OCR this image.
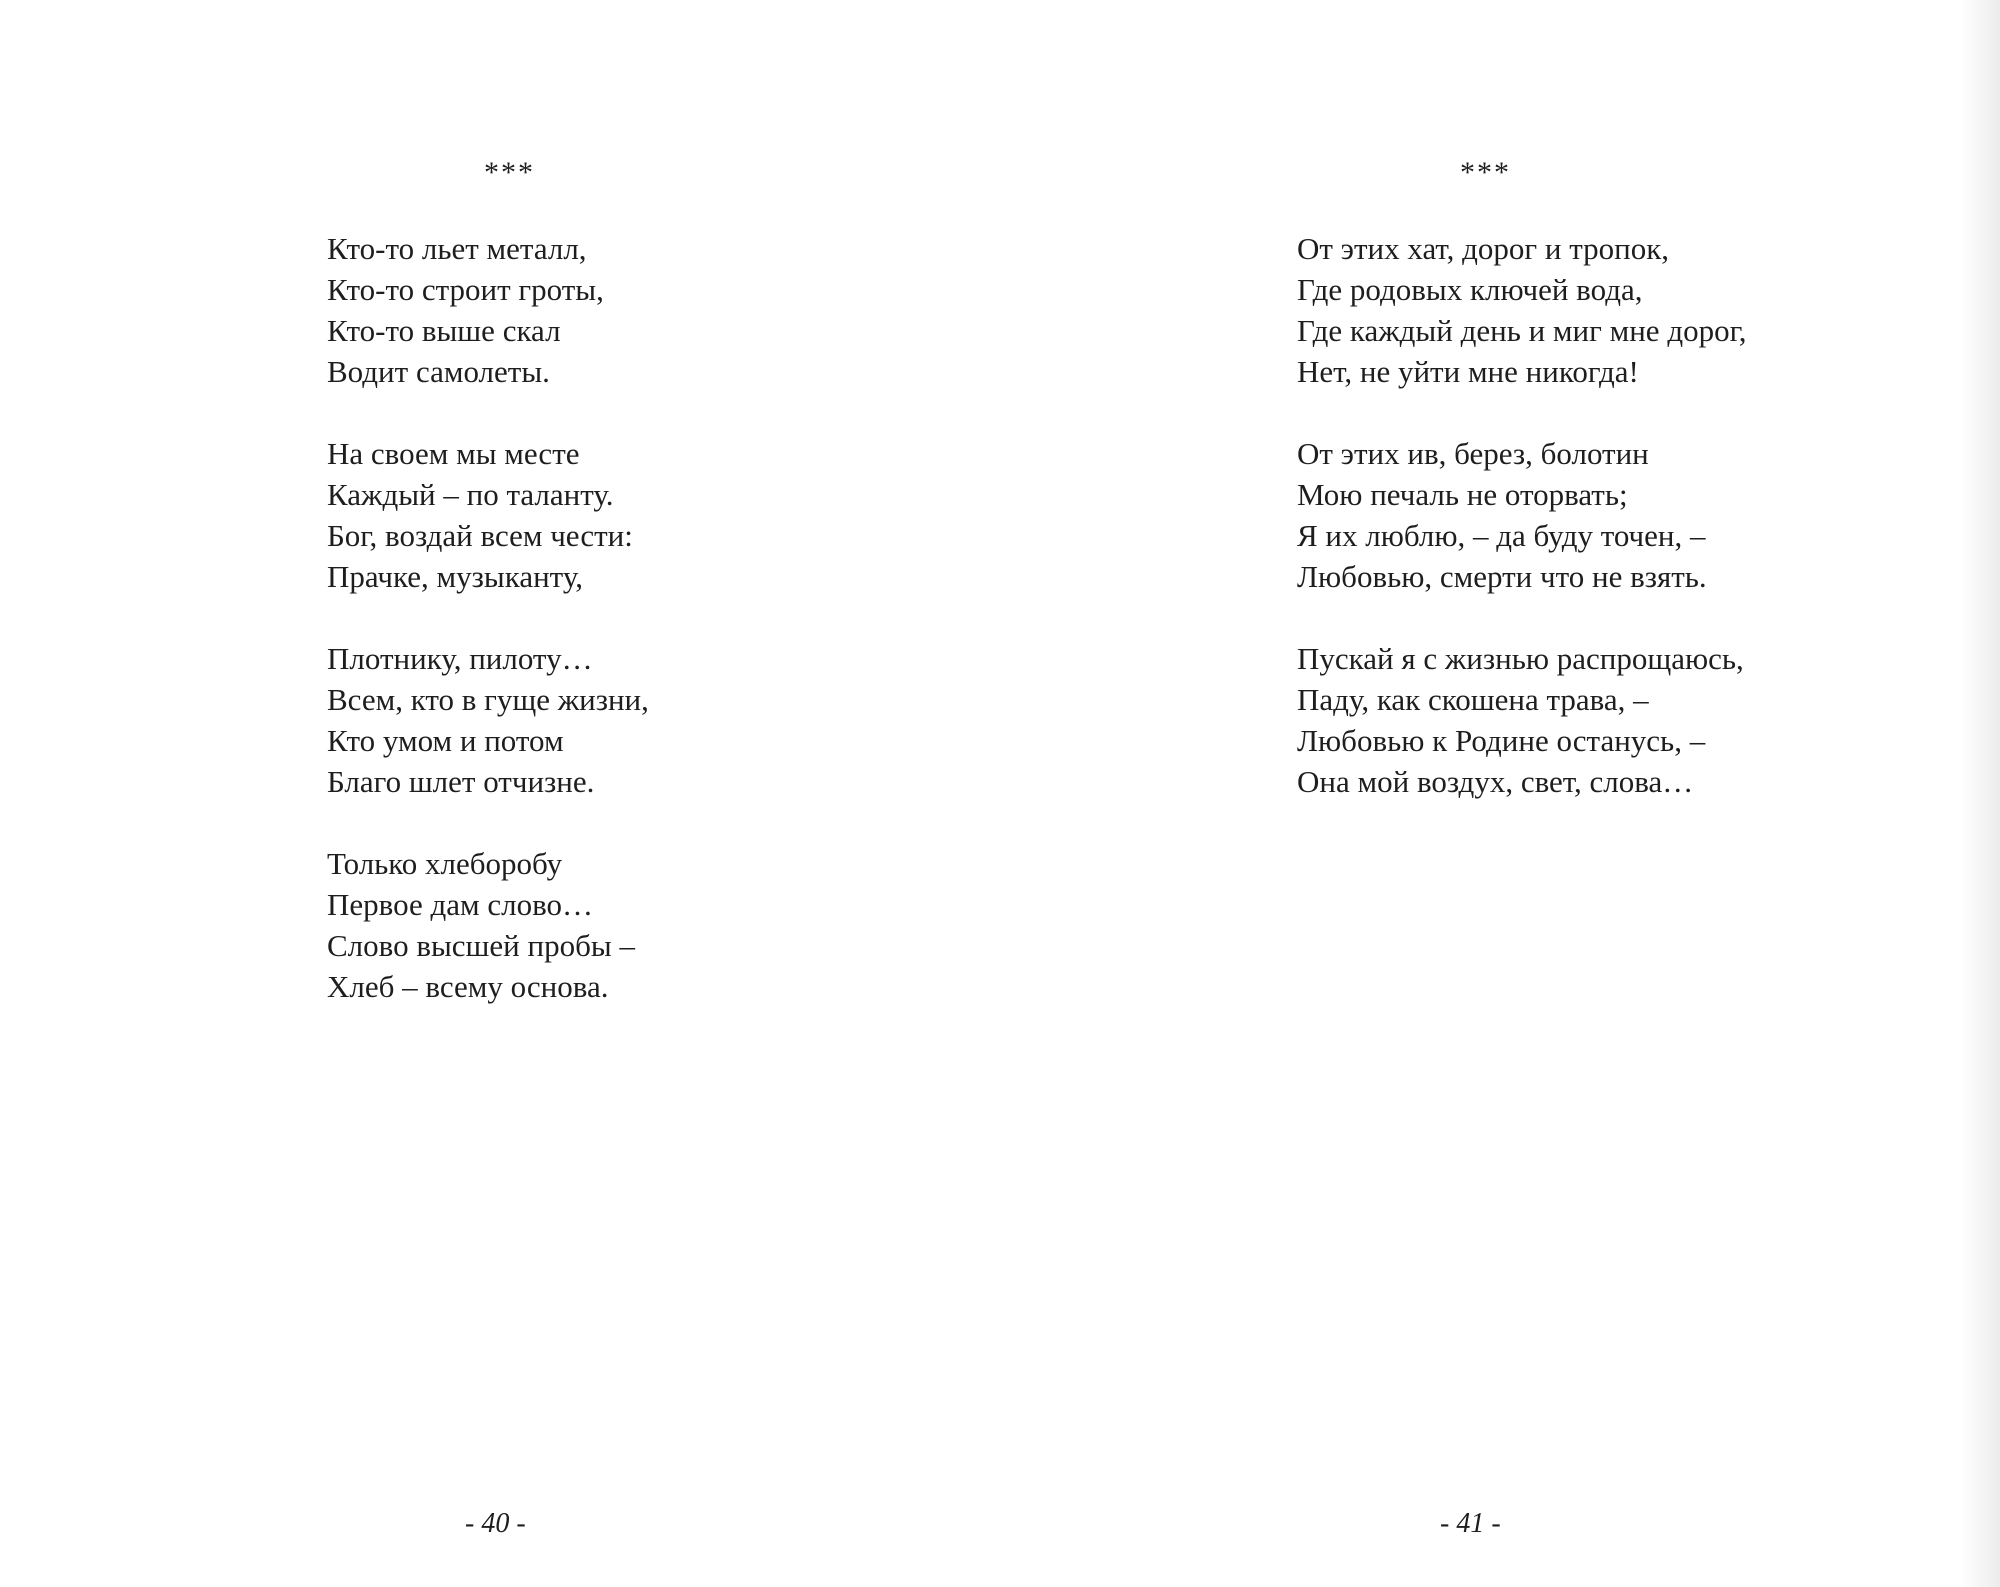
***
Кто-то льет металл,
Кто-то строит гроты,
Кто-то выше скал
Водит самолеты.
На своем мы месте
Каждый – по таланту.
Бог, воздай всем чести:
Прачке, музыканту,
Плотнику, пилоту…
Всем, кто в гуще жизни,
Кто умом и потом
Благо шлет отчизне.
Только хлеборобу
Первое дам слово…
Слово высшей пробы –
Хлеб – всему основа.
- 40 -
***
От этих хат, дорог и тропок,
Где родовых ключей вода,
Где каждый день и миг мне дорог,
Нет, не уйти мне никогда!
От этих ив, берез, болотин
Мою печаль не оторвать;
Я их люблю, – да буду точен, –
Любовью, смерти что не взять.
Пускай я с жизнью распрощаюсь,
Паду, как скошена трава, –
Любовью к Родине останусь, –
Она мой воздух, свет, слова…
- 41 -
